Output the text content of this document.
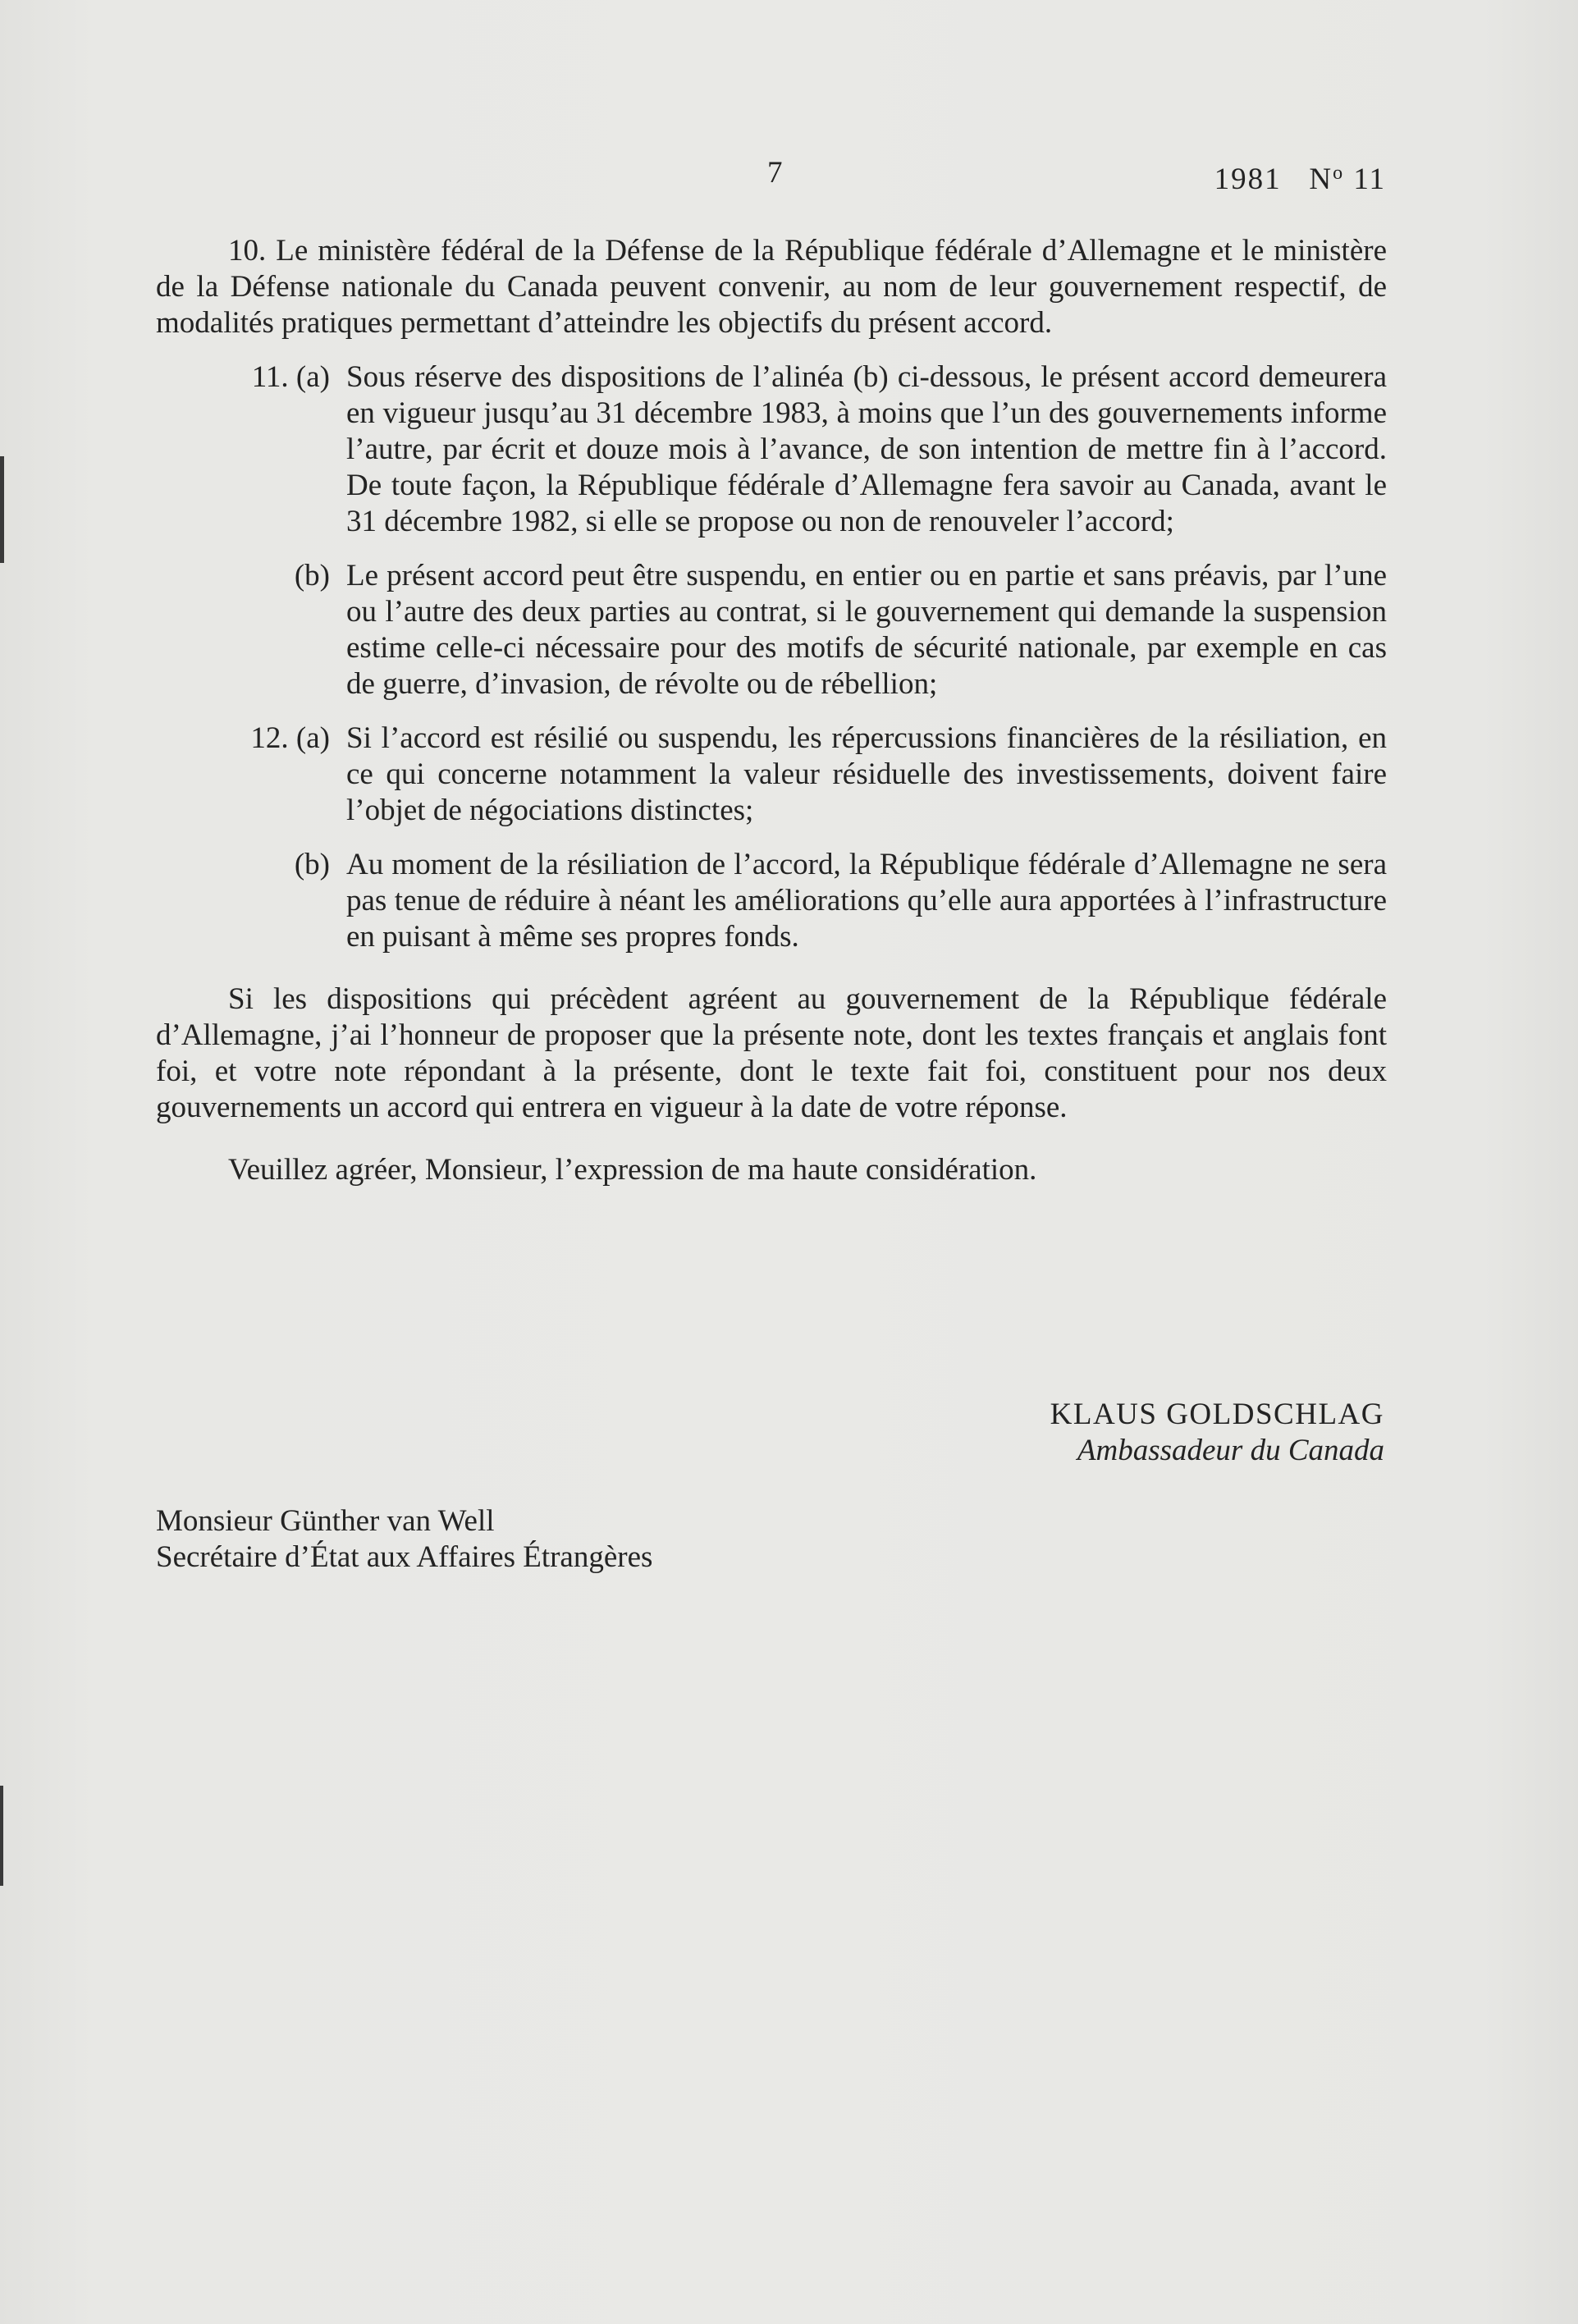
7	1981 $N^o$ 11

10. Le ministère fédéral de la Défense de la République fédérale d’Allemagne et le ministère de la Défense nationale du Canada peuvent convenir, au nom de leur gouvernement respectif, de modalités pratiques permettant d’atteindre les objectifs du présent accord.

11. (a) Sous réserve des dispositions de l’alinéa (b) ci-dessous, le présent accord demeurera en vigueur jusqu’au 31 décembre 1983, à moins que l’un des gouvernements informe l’autre, par écrit et douze mois à l’avance, de son intention de mettre fin à l’accord. De toute façon, la République fédérale d’Allemagne fera savoir au Canada, avant le 31 décembre 1982, si elle se propose ou non de renouveler l’accord;

(b) Le présent accord peut être suspendu, en entier ou en partie et sans préavis, par l’une ou l’autre des deux parties au contrat, si le gouvernement qui demande la suspension estime celle-ci nécessaire pour des motifs de sécurité nationale, par exemple en cas de guerre, d’invasion, de révolte ou de rébellion;

12. (a) Si l’accord est résilié ou suspendu, les répercussions financières de la résiliation, en ce qui concerne notamment la valeur résiduelle des investissements, doivent faire l’objet de négociations distinctes;

(b) Au moment de la résiliation de l’accord, la République fédérale d’Allemagne ne sera pas tenue de réduire à néant les améliorations qu’elle aura apportées à l’infrastructure en puisant à même ses propres fonds.

Si les dispositions qui précèdent agréent au gouvernement de la République fédérale d’Allemagne, j’ai l’honneur de proposer que la présente note, dont les textes français et anglais font foi, et votre note répondant à la présente, dont le texte fait foi, constituent pour nos deux gouvernements un accord qui entrera en vigueur à la date de votre réponse.

Veuillez agréer, Monsieur, l’expression de ma haute considération.

KLAUS GOLDSCHLAG
Ambassadeur du Canada
Monsieur Günther van Well
Secrétaire d’État aux Affaires Étrangères
